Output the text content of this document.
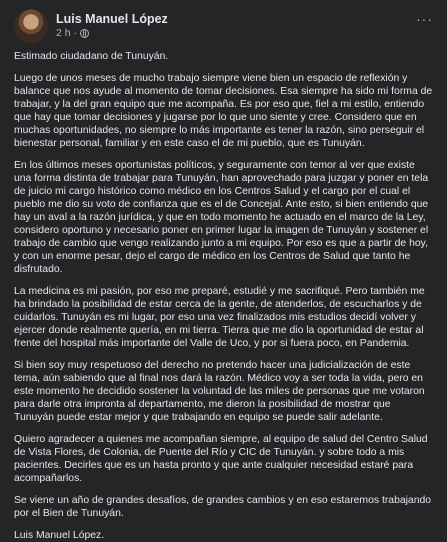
Luis Manuel López
2 h ·
···

Estimado ciudadano de Tunuyán.

Luego de unos meses de mucho trabajo siempre viene bien un espacio de reflexión y balance que nos ayude al momento de tomar decisiones. Esa siempre ha sido mi forma de trabajar, y la del gran equipo que me acompaña. Es por eso que, fiel a mi estilo, entiendo que hay que tomar decisiones y jugarse por lo que uno siente y cree. Considero que en muchas oportunidades, no siempre lo más importante es tener la razón, sino perseguir el bienestar personal, familiar y en este caso el de mi pueblo, que es Tunuyán.

En los últimos meses oportunistas políticos, y seguramente con temor al ver que existe una forma distinta de trabajar para Tunuyán, han aprovechado para juzgar y poner en tela de juicio mi cargo histórico como médico en los Centros Salud y el cargo por el cual el pueblo me dio su voto de confianza que es el de Concejal. Ante esto, si bien entiendo que hay un aval a la razón jurídica, y que en todo momento he actuado en el marco de la Ley, considero oportuno y necesario poner en primer lugar la imagen de Tunuyán y sostener el trabajo de cambio que vengo realizando junto a mi equipo. Por eso es que a partir de hoy, y con un enorme pesar, dejo el cargo de médico en los Centros de Salud que tanto he disfrutado.

La medicina es mi pasión, por eso me preparé, estudié y me sacrifiqué. Pero también me ha brindado la posibilidad de estar cerca de la gente, de atenderlos, de escucharlos y de cuidarlos. Tunuyán es mi lugar, por eso una vez finalizados mis estudios decidí volver y ejercer donde realmente quería, en mi tierra. Tierra que me dio la oportunidad de estar al frente del hospital más importante del Valle de Uco, y por si fuera poco, en Pandemia.

Si bien soy muy respetuoso del derecho no pretendo hacer una judicialización de este tema, aún sabiendo que al final nos dará la razón. Médico voy a ser toda la vida, pero en este momento he decidido sostener la voluntad de las miles de personas que me votaron para darle otra impronta al departamento, me dieron la posibilidad de mostrar que Tunuyán puede estar mejor y que trabajando en equipo se puede salir adelante.

Quiero agradecer a quienes me acompañan siempre, al equipo de salud del Centro Salud de Vista Flores, de Colonia, de Puente del Río y CIC de Tunuyán. y sobre todo a mis pacientes. Decirles que es un hasta pronto y que ante cualquier necesidad estaré para acompañarlos.

Se viene un año de grandes desafíos, de grandes cambios y en eso estaremos trabajando por el Bien de Tunuyán.

Luis Manuel López.
